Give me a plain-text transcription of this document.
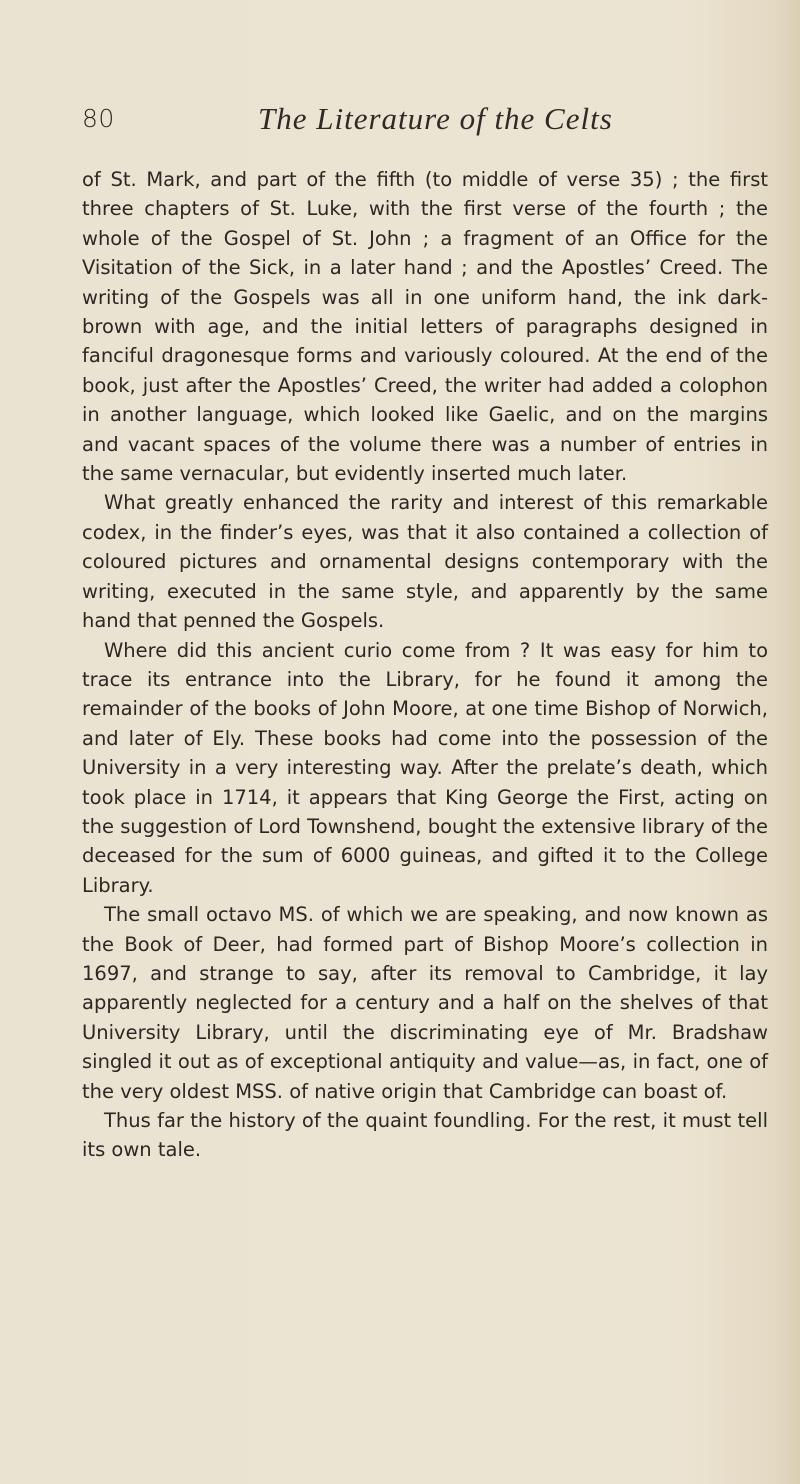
80	The Literature of the Celts

of St. Mark, and part of the fifth (to middle of verse 35) ; the first three chapters of St. Luke, with the first verse of the fourth ; the whole of the Gospel of St. John ; a fragment of an Office for the Visitation of the Sick, in a later hand ; and the Apostles’ Creed. The writing of the Gospels was all in one uniform hand, the ink dark-brown with age, and the initial letters of paragraphs designed in fanciful dragonesque forms and variously coloured. At the end of the book, just after the Apostles’ Creed, the writer had added a colophon in another language, which looked like Gaelic, and on the margins and vacant spaces of the volume there was a number of entries in the same vernacular, but evidently inserted much later.

What greatly enhanced the rarity and interest of this remarkable codex, in the finder’s eyes, was that it also contained a collection of coloured pictures and ornamental designs contemporary with the writing, executed in the same style, and apparently by the same hand that penned the Gospels.

Where did this ancient curio come from ? It was easy for him to trace its entrance into the Library, for he found it among the remainder of the books of John Moore, at one time Bishop of Norwich, and later of Ely. These books had come into the possession of the University in a very interesting way. After the prelate’s death, which took place in 1714, it appears that King George the First, acting on the suggestion of Lord Townshend, bought the extensive library of the deceased for the sum of 6000 guineas, and gifted it to the College Library.

The small octavo MS. of which we are speaking, and now known as the Book of Deer, had formed part of Bishop Moore’s collection in 1697, and strange to say, after its removal to Cambridge, it lay apparently neglected for a century and a half on the shelves of that University Library, until the discriminating eye of Mr. Bradshaw singled it out as of exceptional antiquity and value—as, in fact, one of the very oldest MSS. of native origin that Cambridge can boast of.

Thus far the history of the quaint foundling. For the rest, it must tell its own tale.
